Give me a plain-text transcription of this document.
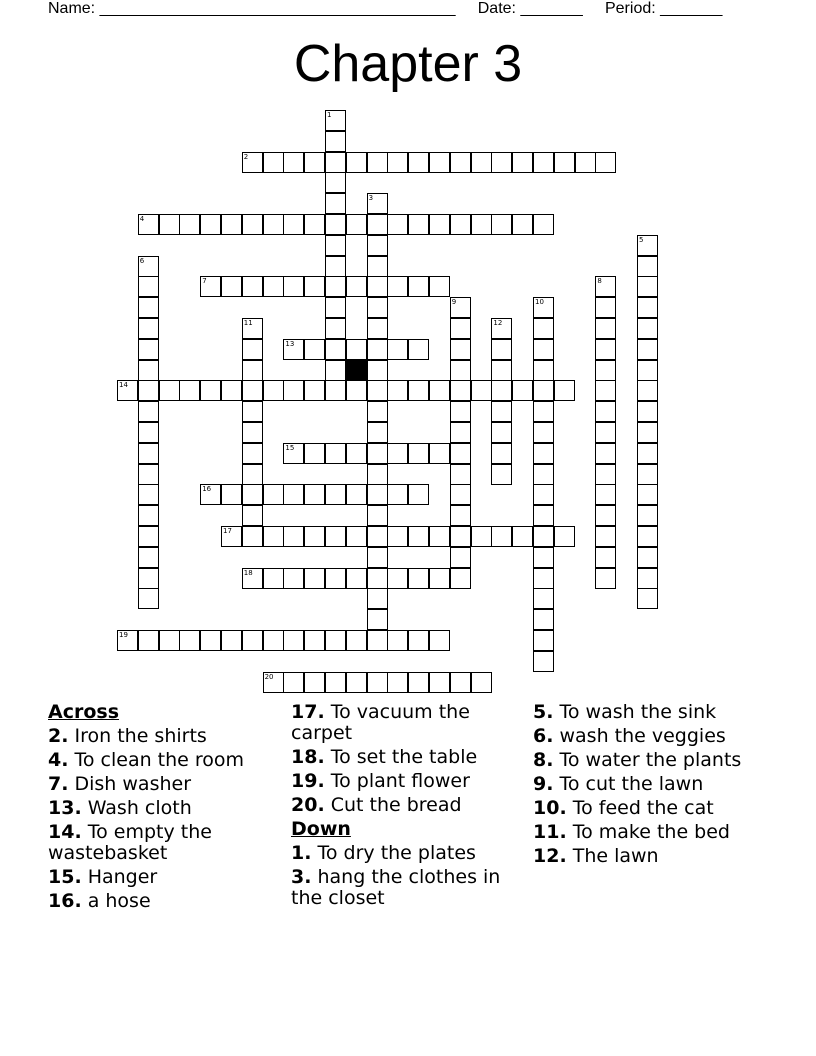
Name: ________________________________________ Date: _______ Period: _______
Chapter 3
2
4
7
13
14
15
16
17
18
19
20
1
3
5
6
8
9	10
11	12
Across
2. Iron the shirts
4. To clean the room
7. Dish washer
13. Wash cloth
14. To empty the wastebasket
15. Hanger
16. a hose
17. To vacuum the carpet
18. To set the table
19. To plant flower
20. Cut the bread
Down
1. To dry the plates
3. hang the clothes in the closet
5. To wash the sink
6. wash the veggies
8. To water the plants
9. To cut the lawn
10. To feed the cat
11. To make the bed
12. The lawn
